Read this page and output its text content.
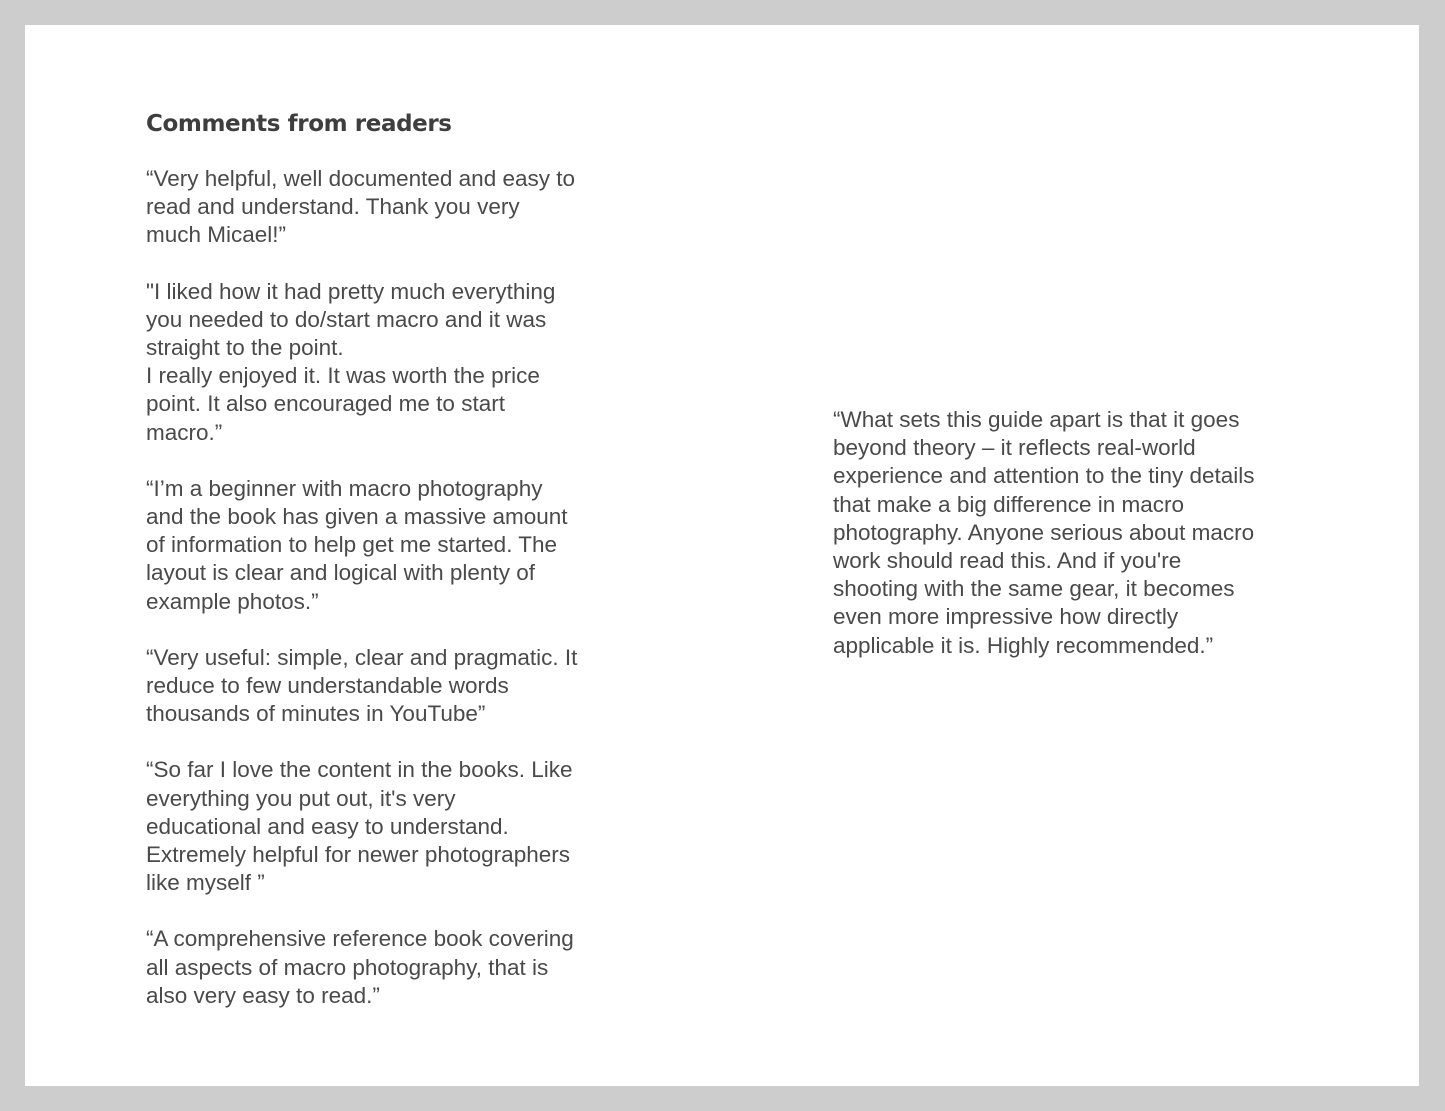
Comments from readers

“Very helpful, well documented and easy to
read and understand. Thank you very
much Micael!”

"I liked how it had pretty much everything
you needed to do/start macro and it was
straight to the point.
I really enjoyed it. It was worth the price
point. It also encouraged me to start
macro.”

“I’m a beginner with macro photography
and the book has given a massive amount
of information to help get me started. The
layout is clear and logical with plenty of
example photos.”

“Very useful: simple, clear and pragmatic. It
reduce to few understandable words
thousands of minutes in YouTube”

“So far I love the content in the books. Like
everything you put out, it's very
educational and easy to understand.
Extremely helpful for newer photographers
like myself ”

“A comprehensive reference book covering
all aspects of macro photography, that is
also very easy to read.”

“What sets this guide apart is that it goes
beyond theory – it reflects real-world
experience and attention to the tiny details
that make a big difference in macro
photography. Anyone serious about macro
work should read this. And if you're
shooting with the same gear, it becomes
even more impressive how directly
applicable it is. Highly recommended.”
